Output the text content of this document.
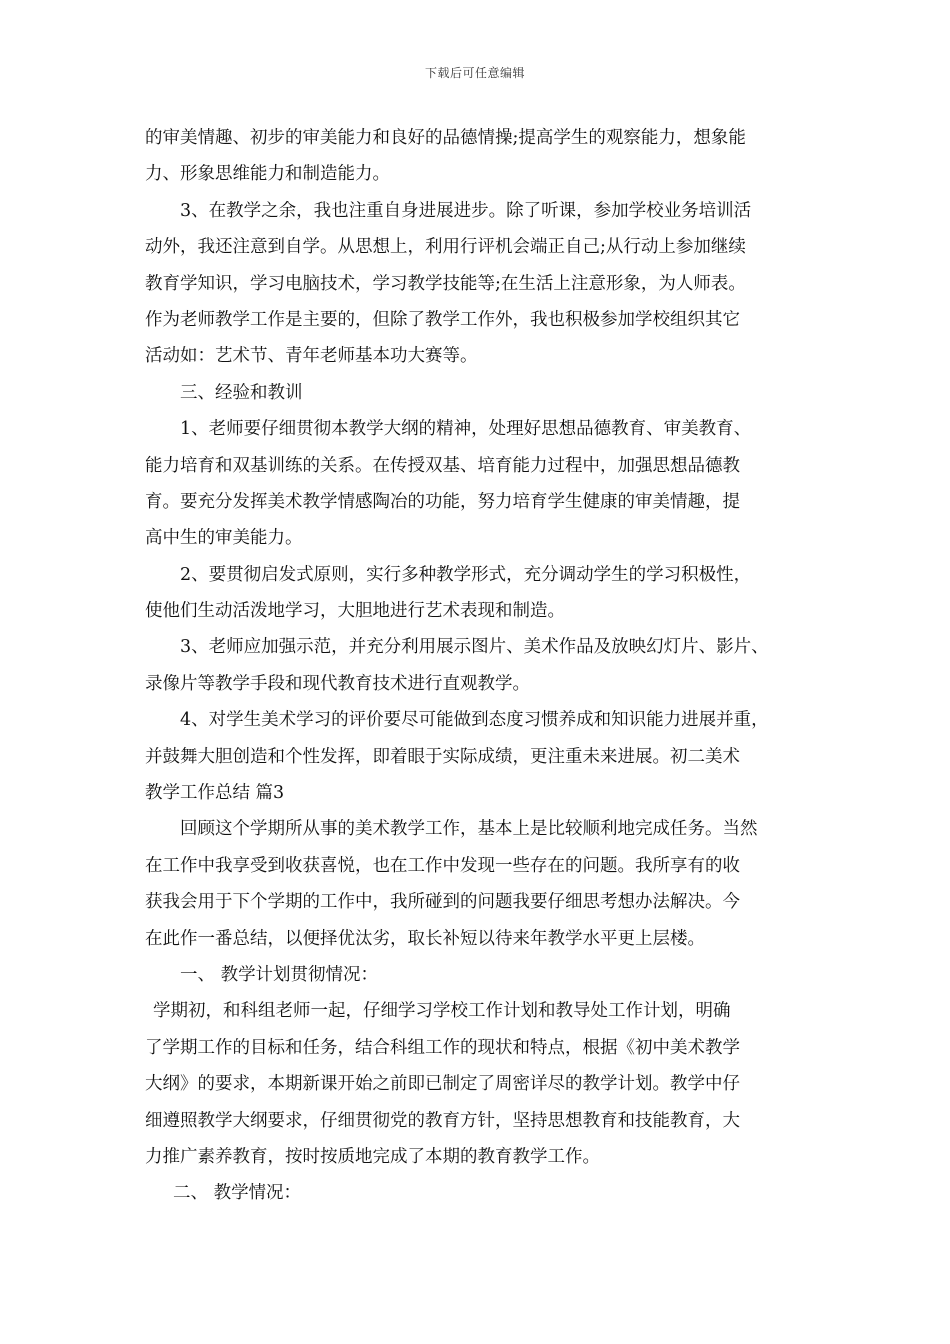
下载后可任意编辑
的审美情趣、初步的审美能力和良好的品德情操;提高学生的观察能力，想象能
力、形象思维能力和制造能力。
3、在教学之余，我也注重自身进展进步。除了听课，参加学校业务培训活
动外，我还注意到自学。从思想上，利用行评机会端正自己;从行动上参加继续
教育学知识，学习电脑技术，学习教学技能等;在生活上注意形象，为人师表。
作为老师教学工作是主要的，但除了教学工作外，我也积极参加学校组织其它
活动如：艺术节、青年老师基本功大赛等。
三、经验和教训
1、老师要仔细贯彻本教学大纲的精神，处理好思想品德教育、审美教育、
能力培育和双基训练的关系。在传授双基、培育能力过程中，加强思想品德教
育。要充分发挥美术教学情感陶冶的功能，努力培育学生健康的审美情趣，提
高中生的审美能力。
2、要贯彻启发式原则，实行多种教学形式，充分调动学生的学习积极性，
使他们生动活泼地学习，大胆地进行艺术表现和制造。
3、老师应加强示范，并充分利用展示图片、美术作品及放映幻灯片、影片、
录像片等教学手段和现代教育技术进行直观教学。
4、对学生美术学习的评价要尽可能做到态度习惯养成和知识能力进展并重，
并鼓舞大胆创造和个性发挥，即着眼于实际成绩，更注重未来进展。初二美术
教学工作总结 篇3
回顾这个学期所从事的美术教学工作，基本上是比较顺利地完成任务。当然
在工作中我享受到收获喜悦，也在工作中发现一些存在的问题。我所享有的收
获我会用于下个学期的工作中，我所碰到的问题我要仔细思考想办法解决。今
在此作一番总结，以便择优汰劣，取长补短以待来年教学水平更上层楼。
一、 教学计划贯彻情况：
学期初，和科组老师一起，仔细学习学校工作计划和教导处工作计划，明确
了学期工作的目标和任务，结合科组工作的现状和特点，根据《初中美术教学
大纲》的要求，本期新课开始之前即已制定了周密详尽的教学计划。教学中仔
细遵照教学大纲要求，仔细贯彻党的教育方针，坚持思想教育和技能教育，大
力推广素养教育，按时按质地完成了本期的教育教学工作。
二、 教学情况：
